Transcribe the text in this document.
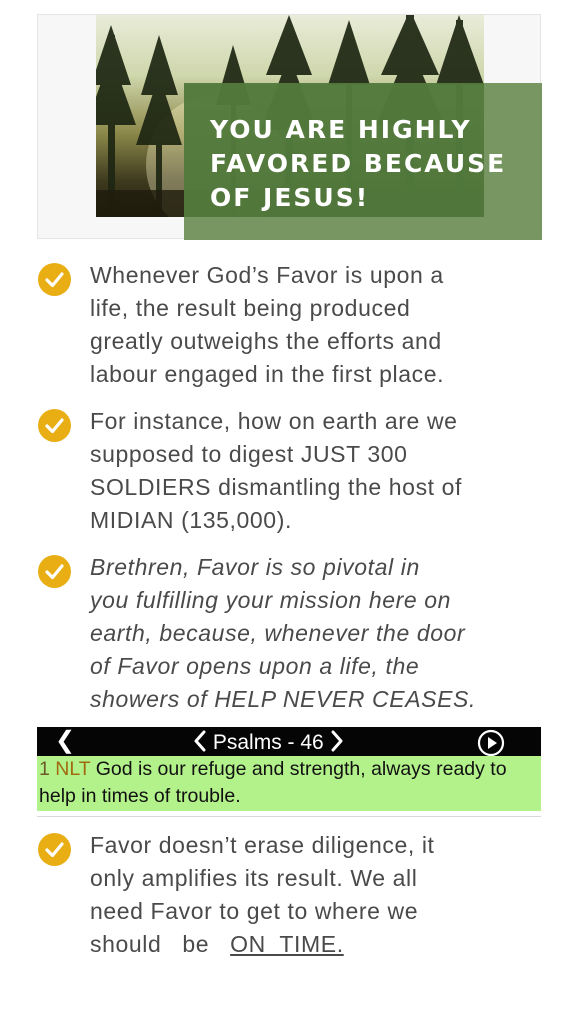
YOU ARE HIGHLY
FAVORED BECAUSE
OF JESUS!

Whenever God’s Favor is upon a
life, the result being produced
greatly outweighs the efforts and
labour engaged in the first place.

For instance, how on earth are we
supposed to digest JUST 300
SOLDIERS dismantling the host of
MIDIAN (135,000).

Brethren, Favor is so pivotal in
you fulfilling your mission here on
earth, because, whenever the door
of Favor opens upon a life, the
showers of HELP NEVER CEASES.

❮	Psalms - 46

1 NLT God is our refuge and strength, always ready to help in times of trouble.

Favor doesn’t erase diligence, it
only amplifies its result. We all
need Favor to get to where we
should   be   ON  TIME.
